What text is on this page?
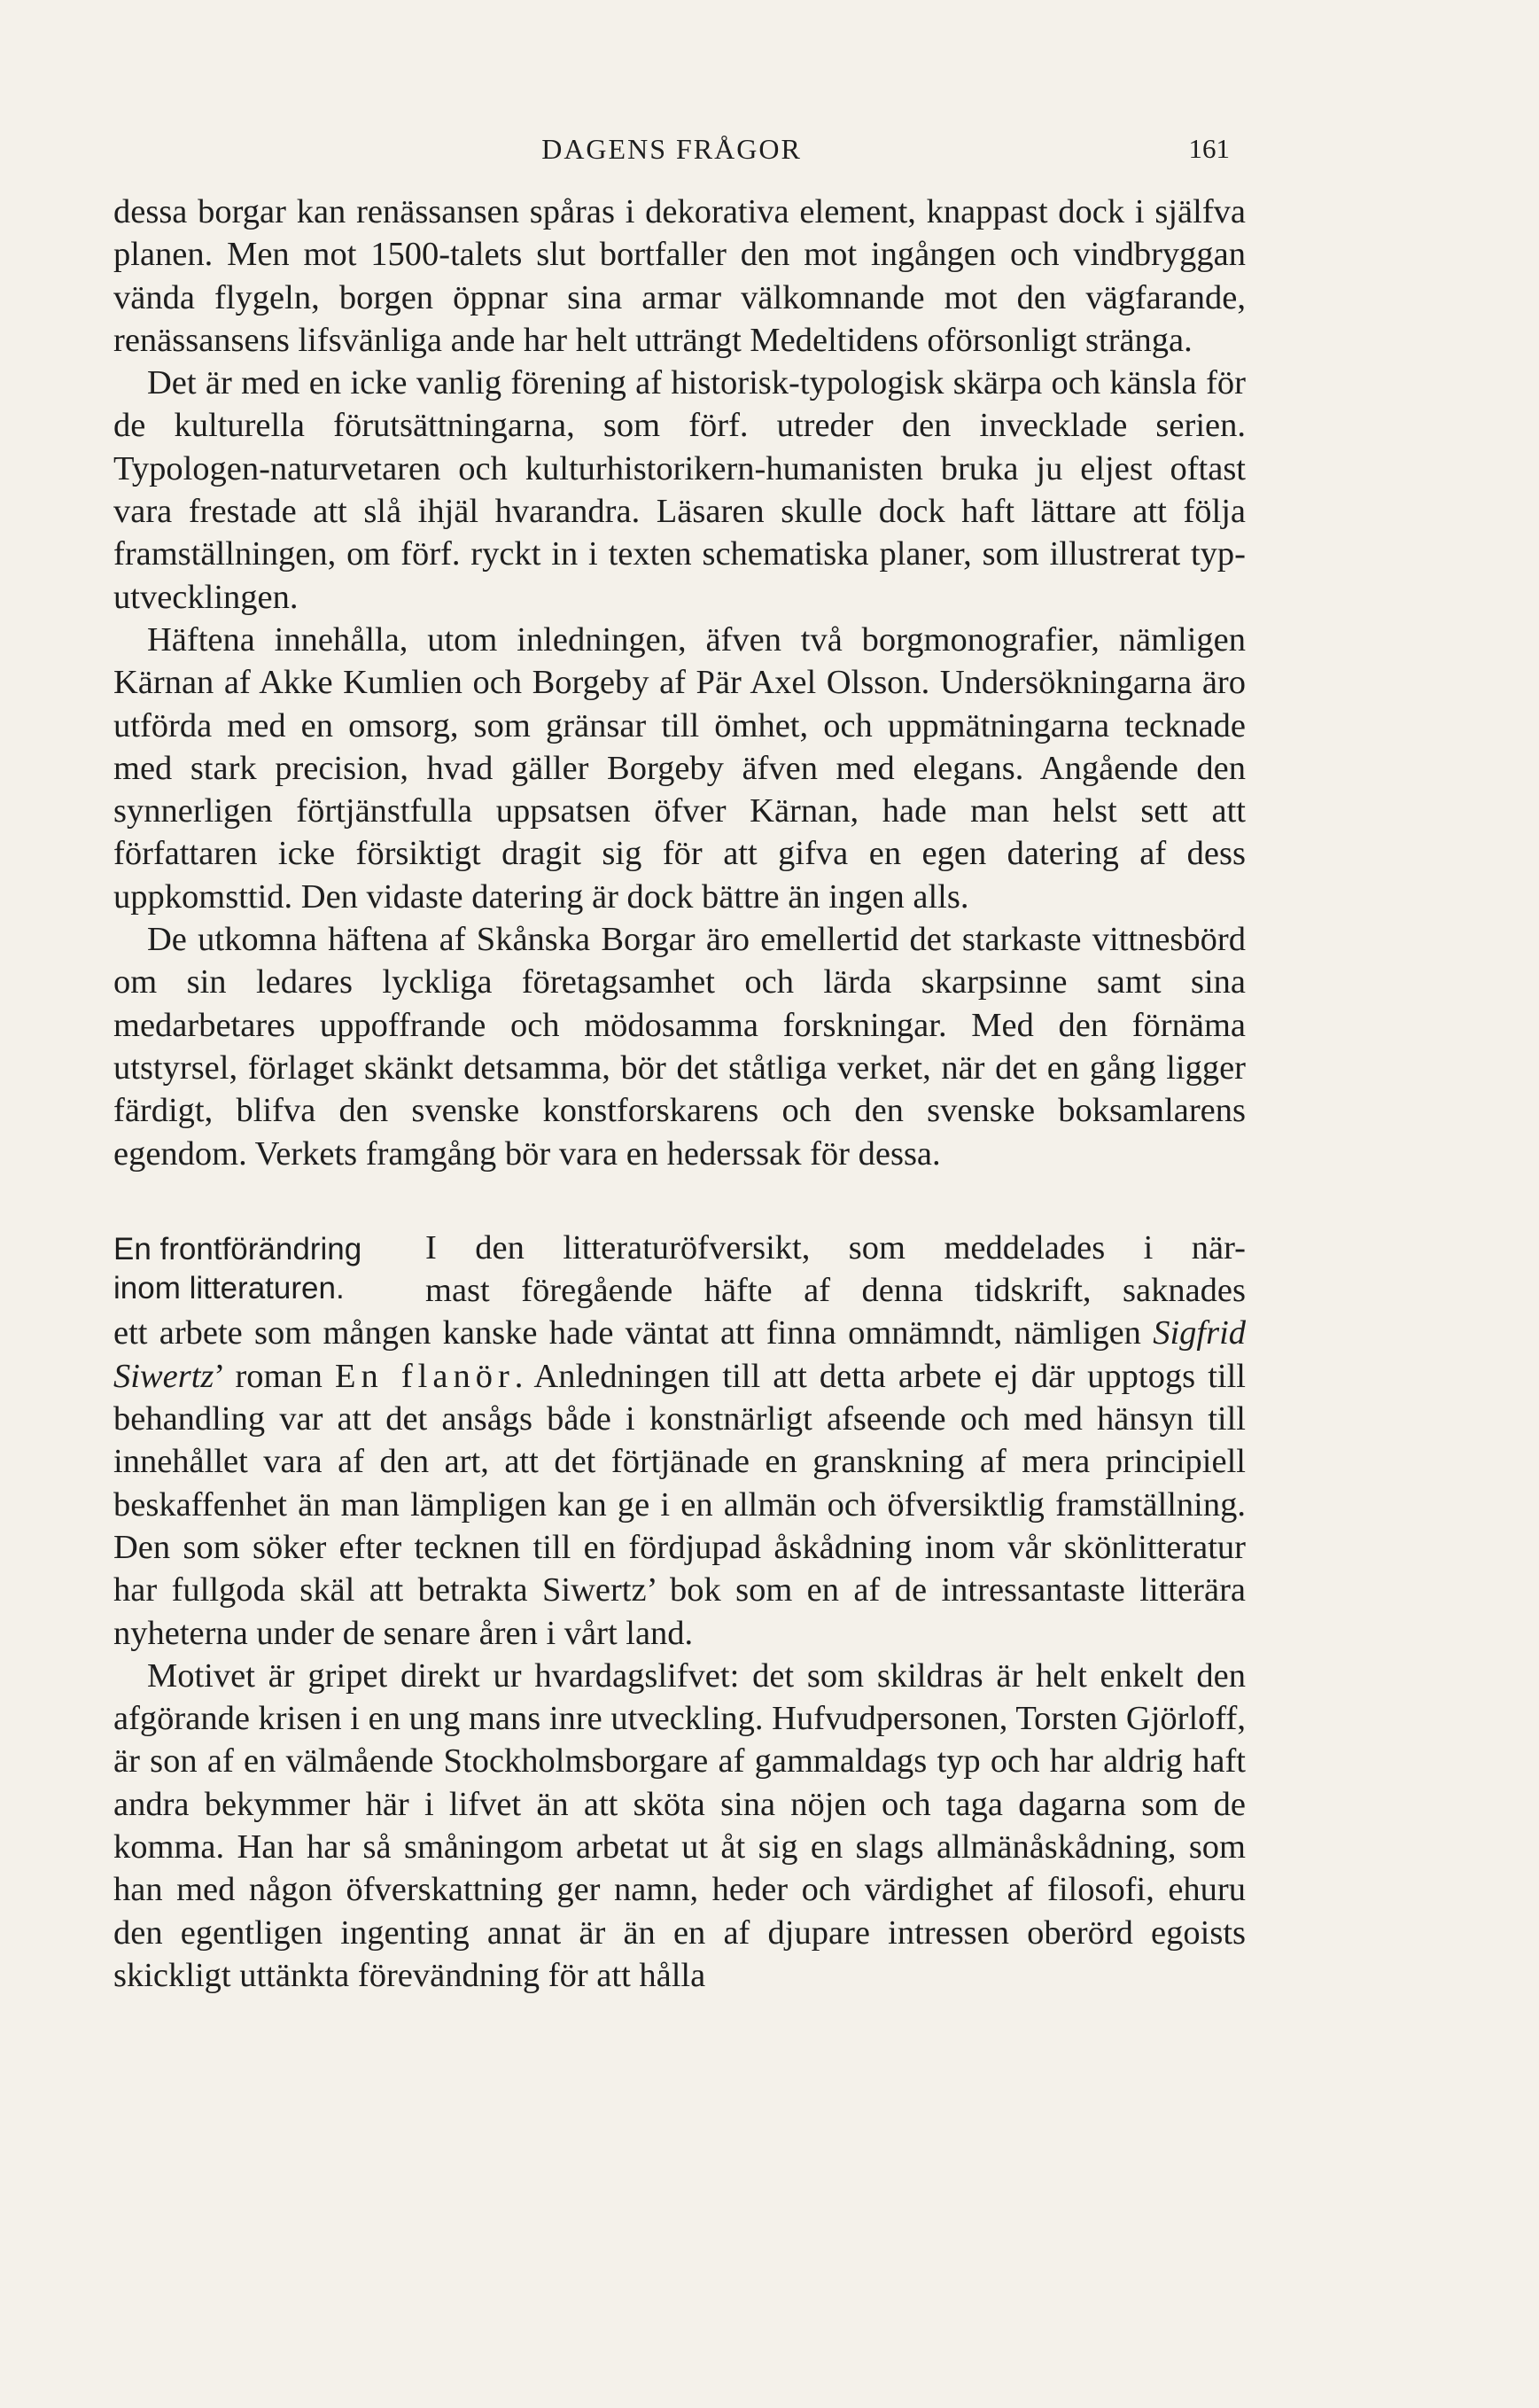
DAGENS FRÅGOR	161

dessa borgar kan renässansen spåras i dekorativa element, knappast dock i själfva planen. Men mot 1500-talets slut bortfaller den mot ingången och vindbryggan vända flygeln, borgen öppnar sina armar välkomnande mot den vägfarande, renässansens lifsvänliga ande har helt utträngt Medeltidens oförsonligt stränga.

Det är med en icke vanlig förening af historisk-typologisk skärpa och känsla för de kulturella förutsättningarna, som förf. utreder den invecklade serien. Typologen-naturvetaren och kulturhistorikern-humanisten bruka ju eljest oftast vara frestade att slå ihjäl hvarandra. Läsaren skulle dock haft lättare att följa framställningen, om förf. ryckt in i texten schematiska planer, som illustrerat typ-utvecklingen.

Häftena innehålla, utom inledningen, äfven två borgmonografier, nämligen Kärnan af Akke Kumlien och Borgeby af Pär Axel Olsson. Undersökningarna äro utförda med en omsorg, som gränsar till ömhet, och uppmätningarna tecknade med stark precision, hvad gäller Borgeby äfven med elegans. Angående den synnerligen förtjänstfulla uppsatsen öfver Kärnan, hade man helst sett att författaren icke försiktigt dragit sig för att gifva en egen datering af dess uppkomsttid. Den vidaste datering är dock bättre än ingen alls.

De utkomna häftena af Skånska Borgar äro emellertid det starkaste vittnesbörd om sin ledares lyckliga företagsamhet och lärda skarpsinne samt sina medarbetares uppoffrande och mödosamma forskningar. Med den förnäma utstyrsel, förlaget skänkt detsamma, bör det ståtliga verket, när det en gång ligger färdigt, blifva den svenske konstforskarens och den svenske boksamlarens egendom. Verkets framgång bör vara en hederssak för dessa.

En frontförändring
inom litteraturen.
I den litteraturöfversikt, som meddelades i när-
mast föregående häfte af denna tidskrift, saknades

ett arbete som mången kanske hade väntat att finna omnämndt, nämligen Sigfrid Siwertz’ roman En flanör. Anledningen till att detta arbete ej där upptogs till behandling var att det ansågs både i konstnärligt afseende och med hänsyn till innehållet vara af den art, att det förtjänade en granskning af mera principiell beskaffenhet än man lämpligen kan ge i en allmän och öfversiktlig framställning. Den som söker efter tecknen till en fördjupad åskådning inom vår skönlitteratur har fullgoda skäl att betrakta Siwertz’ bok som en af de intressantaste litterära nyheterna under de senare åren i vårt land.

Motivet är gripet direkt ur hvardagslifvet: det som skildras är helt enkelt den afgörande krisen i en ung mans inre utveckling. Hufvudpersonen, Torsten Gjörloff, är son af en välmående Stockholmsborgare af gammaldags typ och har aldrig haft andra bekymmer här i lifvet än att sköta sina nöjen och taga dagarna som de komma. Han har så småningom arbetat ut åt sig en slags allmänåskådning, som han med någon öfverskattning ger namn, heder och värdighet af filosofi, ehuru den egentligen ingenting annat är än en af djupare intressen oberörd egoists skickligt uttänkta förevändning för att hålla
